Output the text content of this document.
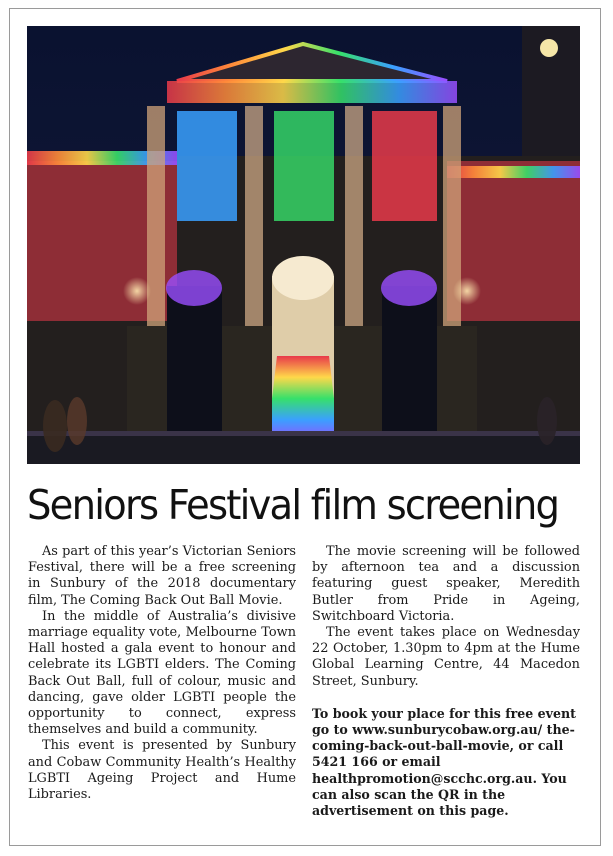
Seniors Festival film screening

As part of this year’s Victorian Seniors Festival, there will be a free screening in Sunbury of the 2018 documentary film, The Coming Back Out Ball Movie.

In the middle of Australia’s divisive marriage equality vote, Melbourne Town Hall hosted a gala event to honour and celebrate its LGBTI elders. The Coming Back Out Ball, full of colour, music and dancing, gave older LGBTI people the opportunity to connect, express themselves and build a community.

This event is presented by Sunbury and Cobaw Community Health’s Healthy LGBTI Ageing Project and Hume Libraries.

The movie screening will be followed by afternoon tea and a discussion featuring guest speaker, Meredith Butler from Pride in Ageing, Switchboard Victoria.

The event takes place on Wednesday 22 October, 1.30pm to 4pm at the Hume Global Learning Centre, 44 Macedon Street, Sunbury.

To book your place for this free event go to www.sunburycobaw.org.au/ the-coming-back-out-ball-movie, or call 5421 166 or email healthpromotion@scchc.org.au. You can also scan the QR in the advertisement on this page.
